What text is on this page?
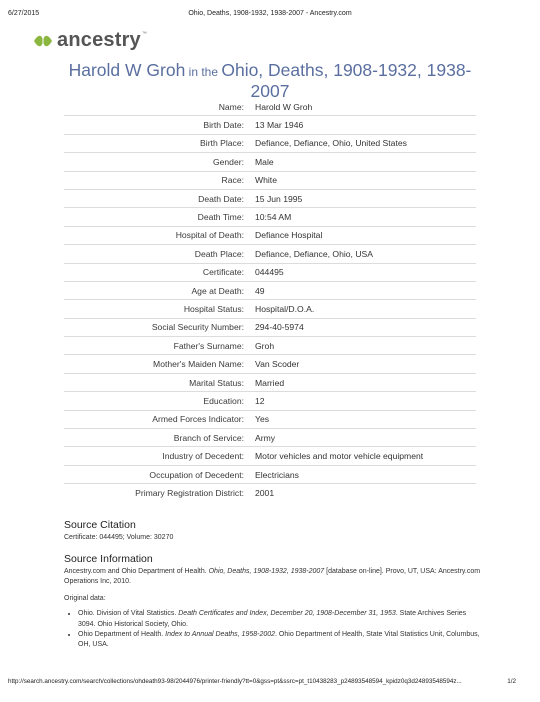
6/27/2015	Ohio, Deaths, 1908-1932, 1938-2007 - Ancestry.com
ancestry ™
Harold W Groh in the Ohio, Deaths, 1908-1932, 1938-2007
Name:	Harold W Groh
Birth Date:	13 Mar 1946
Birth Place:	Defiance, Defiance, Ohio, United States
Gender:	Male
Race:	White
Death Date:	15 Jun 1995
Death Time:	10:54 AM
Hospital of Death:	Defiance Hospital
Death Place:	Defiance, Defiance, Ohio, USA
Certificate:	044495
Age at Death:	49
Hospital Status:	Hospital/D.O.A.
Social Security Number:	294-40-5974
Father's Surname:	Groh
Mother's Maiden Name:	Van Scoder
Marital Status:	Married
Education:	12
Armed Forces Indicator:	Yes
Branch of Service:	Army
Industry of Decedent:	Motor vehicles and motor vehicle equipment
Occupation of Decedent:	Electricians
Primary Registration District:	2001
Source Citation

Certificate: 044495; Volume: 30270

Source Information

Ancestry.com and Ohio Department of Health. Ohio, Deaths, 1908-1932, 1938-2007 [database on-line]. Provo, UT, USA: Ancestry.com Operations Inc, 2010.

Original data:

• Ohio. Division of Vital Statistics. Death Certificates and Index, December 20, 1908-December 31, 1953. State Archives Series 3094. Ohio Historical Society, Ohio.
• Ohio Department of Health. Index to Annual Deaths, 1958-2002. Ohio Department of Health, State Vital Statistics Unit, Columbus, OH, USA.
http://search.ancestry.com/search/collections/ohdeath93-98/2044976/printer-friendly?tt=0&gss=pt&ssrc=pt_t10438283_p24893548594_kpidz0q3d24893548594z...	1/2
